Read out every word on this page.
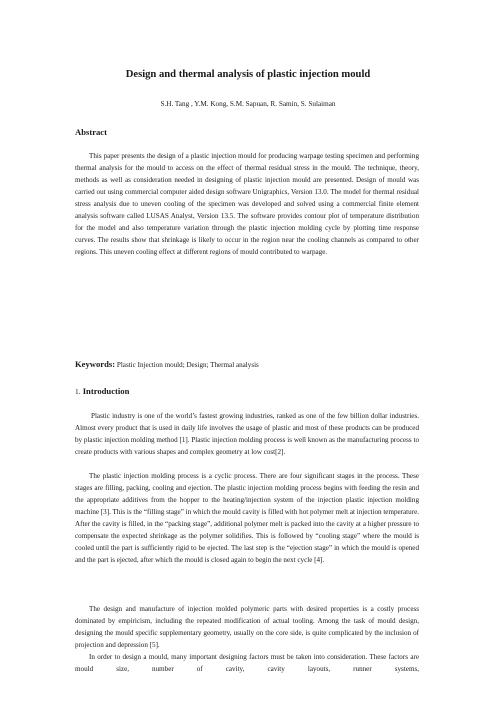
Design and thermal analysis of plastic injection mould

S.H. Tang , Y.M. Kong, S.M. Sapuan, R. Samin, S. Sulaiman

Abstract

This paper presents the design of a plastic injection mould for producing warpage testing specimen and performing thermal analysis for the mould to access on the effect of thermal residual stress in the mould. The technique, theory, methods as well as consideration needed in designing of plastic injection mould are presented. Design of mould was carried out using commercial computer aided design software Unigraphics, Version 13.0. The model for thermal residual stress analysis due to uneven cooling of the specimen was developed and solved using a commercial finite element analysis software called LUSAS Analyst, Version 13.5. The software provides contour plot of temperature distribution for the model and also temperature variation through the plastic injection molding cycle by plotting time response curves. The results show that shrinkage is likely to occur in the region near the cooling channels as compared to other regions. This uneven cooling effect at different regions of mould contributed to warpage.

Keywords: Plastic Injection mould; Design; Thermal analysis

1. Introduction

Plastic industry is one of the world’s fastest growing industries, ranked as one of the few billion dollar industries. Almost every product that is used in daily life involves the usage of plastic and most of these products can be produced by plastic injection molding method [1]. Plastic injection molding process is well known as the manufacturing process to create products with various shapes and complex geometry at low cost[2].

The plastic injection molding process is a cyclic process. There are four significant stages in the process. These stages are filling, packing, cooling and ejection. The plastic injection molding process begins with feeding the resin and the appropriate additives from the hopper to the heating/injection system of the injection plastic injection molding machine [3]. This is the “filling stage” in which the mould cavity is filled with hot polymer melt at injection temperature. After the cavity is filled, in the “packing stage”, additional polymer melt is packed into the cavity at a higher pressure to compensate the expected shrinkage as the polymer solidifies. This is followed by “cooling stage” where the mould is cooled until the part is sufficiently rigid to be ejected. The last step is the “ejection stage” in which the mould is opened and the part is ejected, after which the mould is closed again to begin the next cycle [4].

The design and manufacture of injection molded polymeric parts with desired properties is a costly process dominated by empiricism, including the repeated modification of actual tooling. Among the task of mould design, designing the mould specific supplementary geometry, usually on the core side, is quite complicated by the inclusion of projection and depression [5].

In order to design a mould, many important designing factors must be taken into consideration. These factors are mould size, number of cavity, cavity layouts, runner systems,
